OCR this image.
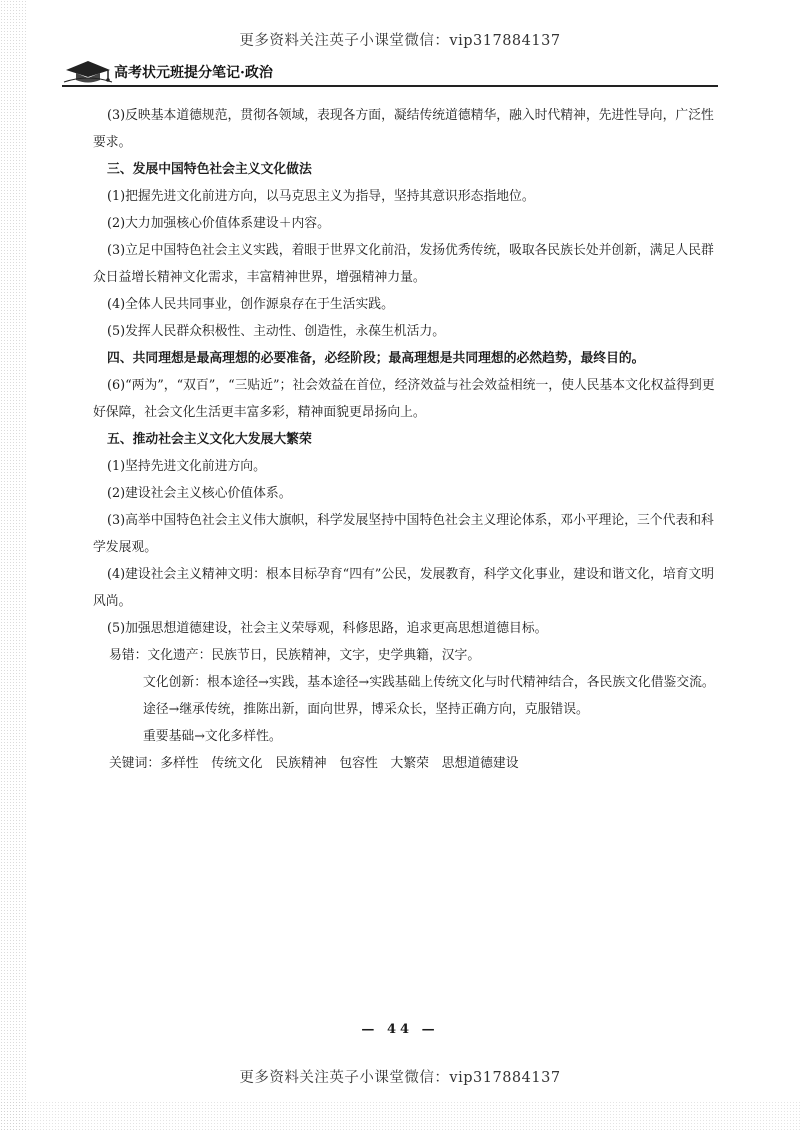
更多资料关注英子小课堂微信：vip317884137
高考状元班提分笔记·政治

(3)反映基本道德规范，贯彻各领域，表现各方面，凝结传统道德精华，融入时代精神，先进性导向，广泛性要求。

三、发展中国特色社会主义文化做法

(1)把握先进文化前进方向，以马克思主义为指导，坚持其意识形态指地位。

(2)大力加强核心价值体系建设＋内容。

(3)立足中国特色社会主义实践，着眼于世界文化前沿，发扬优秀传统，吸取各民族长处并创新，满足人民群众日益增长精神文化需求，丰富精神世界，增强精神力量。

(4)全体人民共同事业，创作源泉存在于生活实践。

(5)发挥人民群众积极性、主动性、创造性，永葆生机活力。

四、共同理想是最高理想的必要准备，必经阶段；最高理想是共同理想的必然趋势，最终目的。

(6)“两为”，“双百”，“三贴近”；社会效益在首位，经济效益与社会效益相统一，使人民基本文化权益得到更好保障，社会文化生活更丰富多彩，精神面貌更昂扬向上。

五、推动社会主义文化大发展大繁荣

(1)坚持先进文化前进方向。

(2)建设社会主义核心价值体系。

(3)高举中国特色社会主义伟大旗帜，科学发展坚持中国特色社会主义理论体系，邓小平理论，三个代表和科学发展观。

(4)建设社会主义精神文明：根本目标孕育“四有”公民，发展教育，科学文化事业，建设和谐文化，培育文明风尚。

(5)加强思想道德建设，社会主义荣辱观，科修思路，追求更高思想道德目标。

易错：文化遗产：民族节日，民族精神，文字，史学典籍，汉字。

文化创新：根本途径→实践，基本途径→实践基础上传统文化与时代精神结合，各民族文化借鉴交流。

途径→继承传统，推陈出新，面向世界，博采众长，坚持正确方向，克服错误。

重要基础→文化多样性。

关键词：多样性　传统文化　民族精神　包容性　大繁荣　思想道德建设

— 44 —
更多资料关注英子小课堂微信：vip317884137
